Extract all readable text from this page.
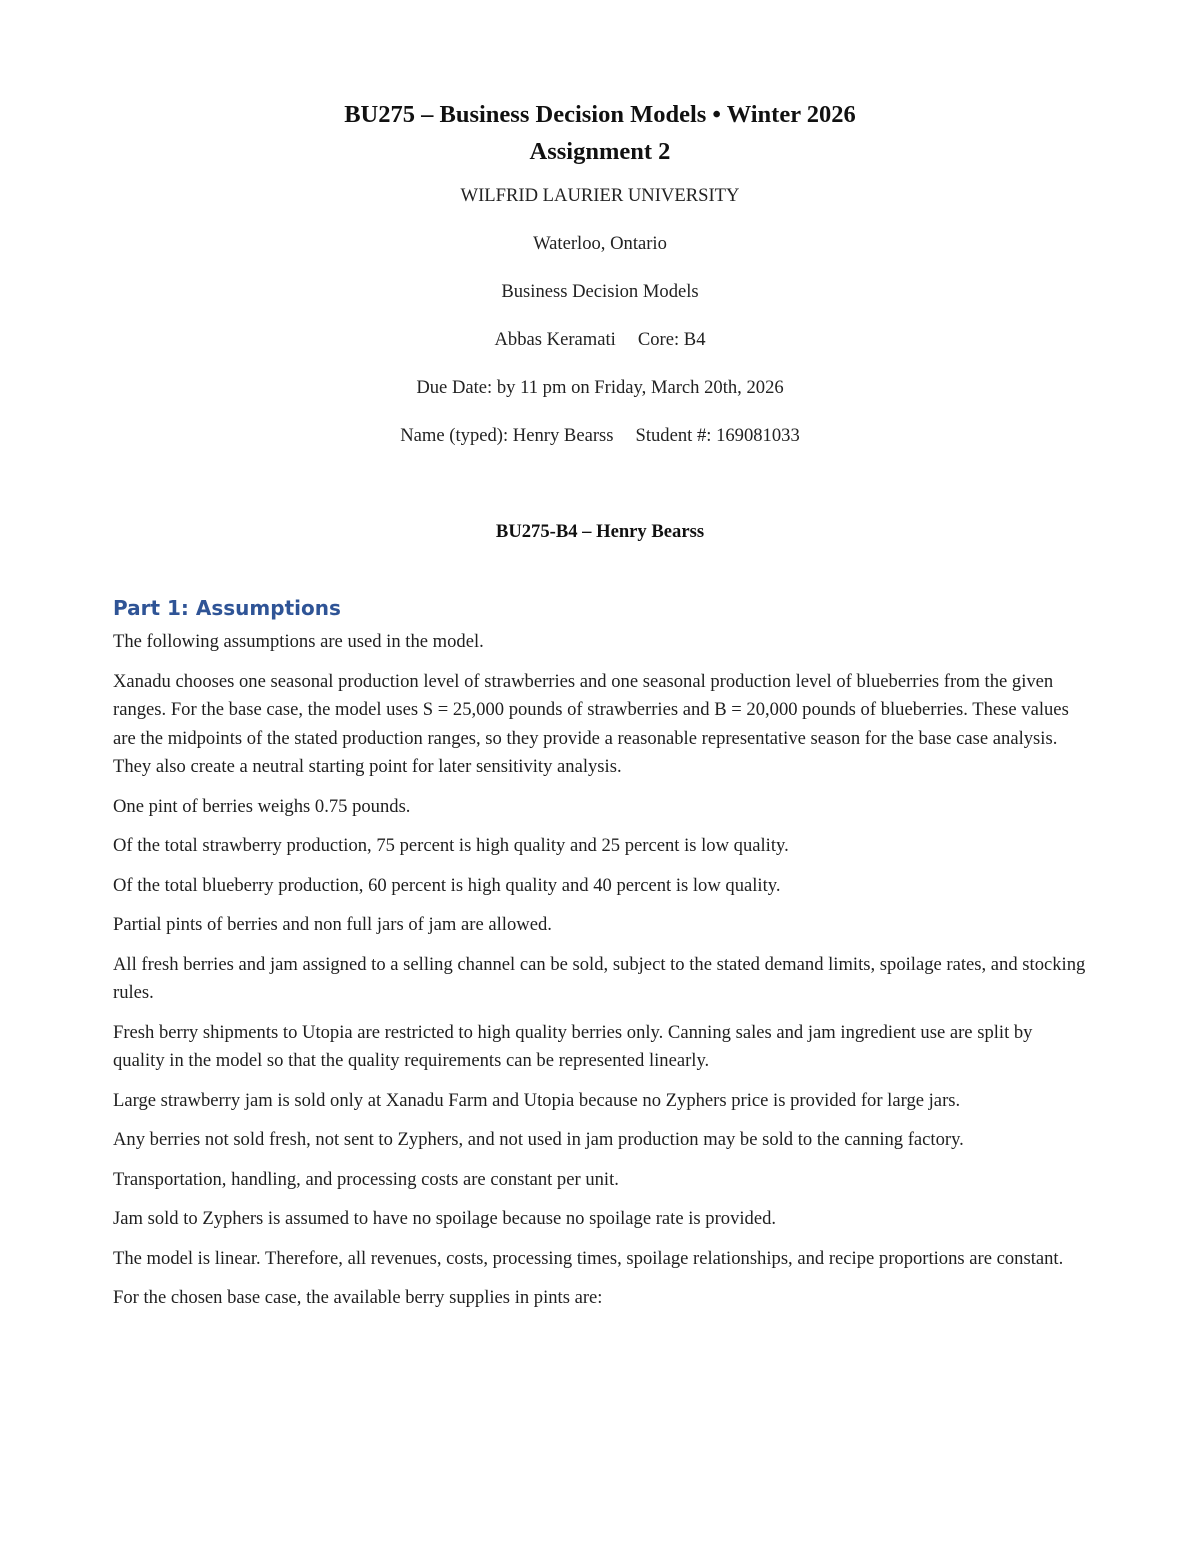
BU275 – Business Decision Models • Winter 2026
Assignment 2
WILFRID LAURIER UNIVERSITY
Waterloo, Ontario
Business Decision Models
Abbas Keramati Core: B4
Due Date: by 11 pm on Friday, March 20th, 2026
Name (typed): Henry Bearss Student #: 169081033
BU275-B4 – Henry Bearss
Part 1: Assumptions

The following assumptions are used in the model.

Xanadu chooses one seasonal production level of strawberries and one seasonal production level of blueberries from the given ranges. For the base case, the model uses S = 25,000 pounds of strawberries and B = 20,000 pounds of blueberries. These values are the midpoints of the stated production ranges, so they provide a reasonable representative season for the base case analysis. They also create a neutral starting point for later sensitivity analysis.

One pint of berries weighs 0.75 pounds.

Of the total strawberry production, 75 percent is high quality and 25 percent is low quality.

Of the total blueberry production, 60 percent is high quality and 40 percent is low quality.

Partial pints of berries and non full jars of jam are allowed.

All fresh berries and jam assigned to a selling channel can be sold, subject to the stated demand limits, spoilage rates, and stocking rules.

Fresh berry shipments to Utopia are restricted to high quality berries only. Canning sales and jam ingredient use are split by quality in the model so that the quality requirements can be represented linearly.

Large strawberry jam is sold only at Xanadu Farm and Utopia because no Zyphers price is provided for large jars.

Any berries not sold fresh, not sent to Zyphers, and not used in jam production may be sold to the canning factory.

Transportation, handling, and processing costs are constant per unit.

Jam sold to Zyphers is assumed to have no spoilage because no spoilage rate is provided.

The model is linear. Therefore, all revenues, costs, processing times, spoilage relationships, and recipe proportions are constant.

For the chosen base case, the available berry supplies in pints are:
